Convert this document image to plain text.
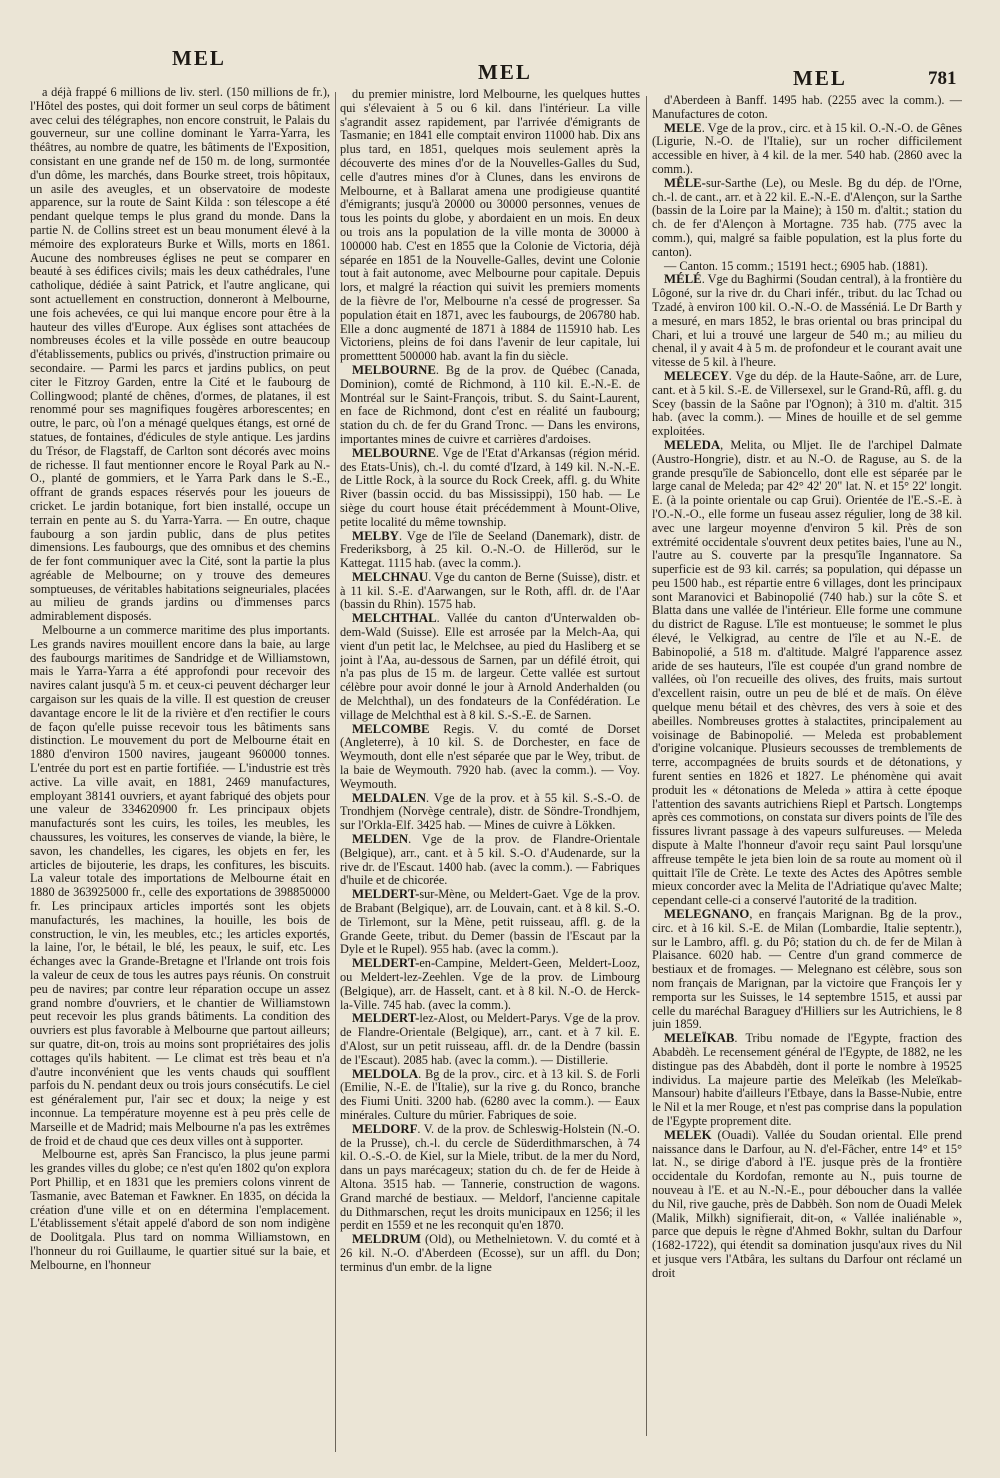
MEL
MEL	MEL	781

a déjà frappé 6 millions de liv. sterl. (150 millions de fr.), l'Hôtel des postes, qui doit former un seul corps de bâtiment avec celui des télégraphes, non encore construit, le Palais du gouverneur, sur une colline dominant le Yarra-Yarra, les théâtres, au nombre de quatre, les bâtiments de l'Exposition, consistant en une grande nef de 150 m. de long, surmontée d'un dôme, les marchés, dans Bourke street, trois hôpitaux, un asile des aveugles, et un observatoire de modeste apparence, sur la route de Saint Kilda : son télescope a été pendant quelque temps le plus grand du monde. Dans la partie N. de Collins street est un beau monument élevé à la mémoire des explorateurs Burke et Wills, morts en 1861. Aucune des nombreuses églises ne peut se comparer en beauté à ses édifices civils; mais les deux cathédrales, l'une catholique, dédiée à saint Patrick, et l'autre anglicane, qui sont actuellement en construction, donneront à Melbourne, une fois achevées, ce qui lui manque encore pour être à la hauteur des villes d'Europe. Aux églises sont attachées de nombreuses écoles et la ville possède en outre beaucoup d'établissements, publics ou privés, d'instruction primaire ou secondaire. — Parmi les parcs et jardins publics, on peut citer le Fitzroy Garden, entre la Cité et le faubourg de Collingwood; planté de chênes, d'ormes, de platanes, il est renommé pour ses magnifiques fougères arborescentes; en outre, le parc, où l'on a ménagé quelques étangs, est orné de statues, de fontaines, d'édicules de style antique. Les jardins du Trésor, de Flagstaff, de Carlton sont décorés avec moins de richesse. Il faut mentionner encore le Royal Park au N.-O., planté de gommiers, et le Yarra Park dans le S.-E., offrant de grands espaces réservés pour les joueurs de cricket. Le jardin botanique, fort bien installé, occupe un terrain en pente au S. du Yarra-Yarra. — En outre, chaque faubourg a son jardin public, dans de plus petites dimensions. Les faubourgs, que des omnibus et des chemins de fer font communiquer avec la Cité, sont la partie la plus agréable de Melbourne; on y trouve des demeures somptueuses, de véritables habitations seigneuriales, placées au milieu de grands jardins ou d'immenses parcs admirablement disposés.

Melbourne a un commerce maritime des plus importants. Les grands navires mouillent encore dans la baie, au large des faubourgs maritimes de Sandridge et de Williamstown, mais le Yarra-Yarra a été approfondi pour recevoir des navires calant jusqu'à 5 m. et ceux-ci peuvent décharger leur cargaison sur les quais de la ville. Il est question de creuser davantage encore le lit de la rivière et d'en rectifier le cours de façon qu'elle puisse recevoir tous les bâtiments sans distinction. Le mouvement du port de Melbourne était en 1880 d'environ 1500 navires, jaugeant 960000 tonnes. L'entrée du port est en partie fortifiée. — L'industrie est très active. La ville avait, en 1881, 2469 manufactures, employant 38141 ouvriers, et ayant fabriqué des objets pour une valeur de 334620900 fr. Les principaux objets manufacturés sont les cuirs, les toiles, les meubles, les chaussures, les voitures, les conserves de viande, la bière, le savon, les chandelles, les cigares, les objets en fer, les articles de bijouterie, les draps, les confitures, les biscuits. La valeur totale des importations de Melbourne était en 1880 de 363925000 fr., celle des exportations de 398850000 fr. Les principaux articles importés sont les objets manufacturés, les machines, la houille, les bois de construction, le vin, les meubles, etc.; les articles exportés, la laine, l'or, le bétail, le blé, les peaux, le suif, etc. Les échanges avec la Grande-Bretagne et l'Irlande ont trois fois la valeur de ceux de tous les autres pays réunis. On construit peu de navires; par contre leur réparation occupe un assez grand nombre d'ouvriers, et le chantier de Williamstown peut recevoir les plus grands bâtiments. La condition des ouvriers est plus favorable à Melbourne que partout ailleurs; sur quatre, dit-on, trois au moins sont propriétaires des jolis cottages qu'ils habitent. — Le climat est très beau et n'a d'autre inconvénient que les vents chauds qui soufflent parfois du N. pendant deux ou trois jours consécutifs. Le ciel est généralement pur, l'air sec et doux; la neige y est inconnue. La température moyenne est à peu près celle de Marseille et de Madrid; mais Melbourne n'a pas les extrêmes de froid et de chaud que ces deux villes ont à supporter.

Melbourne est, après San Francisco, la plus jeune parmi les grandes villes du globe; ce n'est qu'en 1802 qu'on explora Port Phillip, et en 1831 que les premiers colons vinrent de Tasmanie, avec Bateman et Fawkner. En 1835, on décida la création d'une ville et on en détermina l'emplacement. L'établissement s'était appelé d'abord de son nom indigène de Doolitgala. Plus tard on nomma Williamstown, en l'honneur du roi Guillaume, le quartier situé sur la baie, et Melbourne, en l'honneur

du premier ministre, lord Melbourne, les quelques huttes qui s'élevaient à 5 ou 6 kil. dans l'intérieur. La ville s'agrandit assez rapidement, par l'arrivée d'émigrants de Tasmanie; en 1841 elle comptait environ 11000 hab. Dix ans plus tard, en 1851, quelques mois seulement après la découverte des mines d'or de la Nouvelles-Galles du Sud, celle d'autres mines d'or à Clunes, dans les environs de Melbourne, et à Ballarat amena une prodigieuse quantité d'émigrants; jusqu'à 20000 ou 30000 personnes, venues de tous les points du globe, y abordaient en un mois. En deux ou trois ans la population de la ville monta de 30000 à 100000 hab. C'est en 1855 que la Colonie de Victoria, déjà séparée en 1851 de la Nouvelle-Galles, devint une Colonie tout à fait autonome, avec Melbourne pour capitale. Depuis lors, et malgré la réaction qui suivit les premiers moments de la fièvre de l'or, Melbourne n'a cessé de progresser. Sa population était en 1871, avec les faubourgs, de 206780 hab. Elle a donc augmenté de 1871 à 1884 de 115910 hab. Les Victoriens, pleins de foi dans l'avenir de leur capitale, lui prometttent 500000 hab. avant la fin du siècle.

MELBOURNE. Bg de la prov. de Québec (Canada, Dominion), comté de Richmond, à 110 kil. E.-N.-E. de Montréal sur le Saint-François, tribut. S. du Saint-Laurent, en face de Richmond, dont c'est en réalité un faubourg; station du ch. de fer du Grand Tronc. — Dans les environs, importantes mines de cuivre et carrières d'ardoises.

MELBOURNE. Vge de l'Etat d'Arkansas (région mérid. des Etats-Unis), ch.-l. du comté d'Izard, à 149 kil. N.-N.-E. de Little Rock, à la source du Rock Creek, affl. g. du White River (bassin occid. du bas Mississippi), 150 hab. — Le siège du court house était précédemment à Mount-Olive, petite localité du même township.

MELBY. Vge de l'île de Seeland (Danemark), distr. de Frederiksborg, à 25 kil. O.-N.-O. de Hilleröd, sur le Kattegat. 1115 hab. (avec la comm.).

MELCHNAU. Vge du canton de Berne (Suisse), distr. et à 11 kil. S.-E. d'Aarwangen, sur le Roth, affl. dr. de l'Aar (bassin du Rhin). 1575 hab.

MELCHTHAL. Vallée du canton d'Unterwalden ob-dem-Wald (Suisse). Elle est arrosée par la Melch-Aa, qui vient d'un petit lac, le Melchsee, au pied du Hasliberg et se joint à l'Aa, au-dessous de Sarnen, par un défilé étroit, qui n'a pas plus de 15 m. de largeur. Cette vallée est surtout célèbre pour avoir donné le jour à Arnold Anderhalden (ou de Melchthal), un des fondateurs de la Confédération. Le village de Melchthal est à 8 kil. S.-S.-E. de Sarnen.

MELCOMBE Regis. V. du comté de Dorset (Angleterre), à 10 kil. S. de Dorchester, en face de Weymouth, dont elle n'est séparée que par le Wey, tribut. de la baie de Weymouth. 7920 hab. (avec la comm.). — Voy. Weymouth.

MELDALEN. Vge de la prov. et à 55 kil. S.-S.-O. de Trondhjem (Norvège centrale), distr. de Söndre-Trondhjem, sur l'Orkla-Elf. 3425 hab. — Mines de cuivre à Lökken.

MELDEN. Vge de la prov. de Flandre-Orientale (Belgique), arr., cant. et à 5 kil. S.-O. d'Audenarde, sur la rive dr. de l'Escaut. 1400 hab. (avec la comm.). — Fabriques d'huile et de chicorée.

MELDERT-sur-Mène, ou Meldert-Gaet. Vge de la prov. de Brabant (Belgique), arr. de Louvain, cant. et à 8 kil. S.-O. de Tirlemont, sur la Mène, petit ruisseau, affl. g. de la Grande Geete, tribut. du Demer (bassin de l'Escaut par la Dyle et le Rupel). 955 hab. (avec la comm.).

MELDERT-en-Campine, Meldert-Geen, Meldert-Looz, ou Meldert-lez-Zeehlen. Vge de la prov. de Limbourg (Belgique), arr. de Hasselt, cant. et à 8 kil. N.-O. de Herck-la-Ville. 745 hab. (avec la comm.).

MELDERT-lez-Alost, ou Meldert-Parys. Vge de la prov. de Flandre-Orientale (Belgique), arr., cant. et à 7 kil. E. d'Alost, sur un petit ruisseau, affl. dr. de la Dendre (bassin de l'Escaut). 2085 hab. (avec la comm.). — Distillerie.

MELDOLA. Bg de la prov., circ. et à 13 kil. S. de Forli (Emilie, N.-E. de l'Italie), sur la rive g. du Ronco, branche des Fiumi Uniti. 3200 hab. (6280 avec la comm.). — Eaux minérales. Culture du mûrier. Fabriques de soie.

MELDORF. V. de la prov. de Schleswig-Holstein (N.-O. de la Prusse), ch.-l. du cercle de Süderdithmarschen, à 74 kil. O.-S.-O. de Kiel, sur la Miele, tribut. de la mer du Nord, dans un pays marécageux; station du ch. de fer de Heide à Altona. 3515 hab. — Tannerie, construction de wagons. Grand marché de bestiaux. — Meldorf, l'ancienne capitale du Dithmarschen, reçut les droits municipaux en 1256; il les perdit en 1559 et ne les reconquit qu'en 1870.

MELDRUM (Old), ou Methelnietown. V. du comté et à 26 kil. N.-O. d'Aberdeen (Ecosse), sur un affl. du Don; terminus d'un embr. de la ligne

d'Aberdeen à Banff. 1495 hab. (2255 avec la comm.). — Manufactures de coton.

MELE. Vge de la prov., circ. et à 15 kil. O.-N.-O. de Gênes (Ligurie, N.-O. de l'Italie), sur un rocher difficilement accessible en hiver, à 4 kil. de la mer. 540 hab. (2860 avec la comm.).

MÊLE-sur-Sarthe (Le), ou Mesle. Bg du dép. de l'Orne, ch.-l. de cant., arr. et à 22 kil. E.-N.-E. d'Alençon, sur la Sarthe (bassin de la Loire par la Maine); à 150 m. d'altit.; station du ch. de fer d'Alençon à Mortagne. 735 hab. (775 avec la comm.), qui, malgré sa faible population, est la plus forte du canton).

— Canton. 15 comm.; 15191 hect.; 6905 hab. (1881).

MÉLÉ. Vge du Baghirmi (Soudan central), à la frontière du Lôgoné, sur la rive dr. du Chari infér., tribut. du lac Tchad ou Tzadé, à environ 100 kil. O.-N.-O. de Masséniá. Le Dr Barth y a mesuré, en mars 1852, le bras oriental ou bras principal du Chari, et lui a trouvé une largeur de 540 m.; au milieu du chenal, il y avait 4 à 5 m. de profondeur et le courant avait une vitesse de 5 kil. à l'heure.

MELECEY. Vge du dép. de la Haute-Saône, arr. de Lure, cant. et à 5 kil. S.-E. de Villersexel, sur le Grand-Rû, affl. g. du Scey (bassin de la Saône par l'Ognon); à 310 m. d'altit. 315 hab. (avec la comm.). — Mines de houille et de sel gemme exploitées.

MELEDA, Melita, ou Mljet. Ile de l'archipel Dalmate (Austro-Hongrie), distr. et au N.-O. de Raguse, au S. de la grande presqu'île de Sabioncello, dont elle est séparée par le large canal de Meleda; par 42° 42' 20" lat. N. et 15° 22' longit. E. (à la pointe orientale ou cap Grui). Orientée de l'E.-S.-E. à l'O.-N.-O., elle forme un fuseau assez régulier, long de 38 kil. avec une largeur moyenne d'environ 5 kil. Près de son extrémité occidentale s'ouvrent deux petites baies, l'une au N., l'autre au S. couverte par la presqu'île Ingannatore. Sa superficie est de 93 kil. carrés; sa population, qui dépasse un peu 1500 hab., est répartie entre 6 villages, dont les principaux sont Maranovici et Babinopolié (740 hab.) sur la côte S. et Blatta dans une vallée de l'intérieur. Elle forme une commune du district de Raguse. L'île est montueuse; le sommet le plus élevé, le Velkigrad, au centre de l'île et au N.-E. de Babinopolié, a 518 m. d'altitude. Malgré l'apparence assez aride de ses hauteurs, l'île est coupée d'un grand nombre de vallées, où l'on recueille des olives, des fruits, mais surtout d'excellent raisin, outre un peu de blé et de maïs. On élève quelque menu bétail et des chèvres, des vers à soie et des abeilles. Nombreuses grottes à stalactites, principalement au voisinage de Babinopolié. — Meleda est probablement d'origine volcanique. Plusieurs secousses de tremblements de terre, accompagnées de bruits sourds et de détonations, y furent senties en 1826 et 1827. Le phénomène qui avait produit les « détonations de Meleda » attira à cette époque l'attention des savants autrichiens Riepl et Partsch. Longtemps après ces commotions, on constata sur divers points de l'île des fissures livrant passage à des vapeurs sulfureuses. — Meleda dispute à Malte l'honneur d'avoir reçu saint Paul lorsqu'une affreuse tempête le jeta bien loin de sa route au moment où il quittait l'île de Crète. Le texte des Actes des Apôtres semble mieux concorder avec la Melita de l'Adriatique qu'avec Malte; cependant celle-ci a conservé l'autorité de la tradition.

MELEGNANO, en français Marignan. Bg de la prov., circ. et à 16 kil. S.-E. de Milan (Lombardie, Italie septentr.), sur le Lambro, affl. g. du Pô; station du ch. de fer de Milan à Plaisance. 6020 hab. — Centre d'un grand commerce de bestiaux et de fromages. — Melegnano est célèbre, sous son nom français de Marignan, par la victoire que François Ier y remporta sur les Suisses, le 14 septembre 1515, et aussi par celle du maréchal Baraguey d'Hilliers sur les Autrichiens, le 8 juin 1859.

MELEÏKAB. Tribu nomade de l'Egypte, fraction des Ababdèh. Le recensement général de l'Egypte, de 1882, ne les distingue pas des Ababdèh, dont il porte le nombre à 19525 individus. La majeure partie des Meleïkab (les Meleïkab-Mansour) habite d'ailleurs l'Etbaye, dans la Basse-Nubie, entre le Nil et la mer Rouge, et n'est pas comprise dans la population de l'Egypte proprement dite.

MELEK (Ouadi). Vallée du Soudan oriental. Elle prend naissance dans le Darfour, au N. d'el-Fâcher, entre 14° et 15° lat. N., se dirige d'abord à l'E. jusque près de la frontière occidentale du Kordofan, remonte au N., puis tourne de nouveau à l'E. et au N.-N.-E., pour déboucher dans la vallée du Nil, rive gauche, près de Dabbèh. Son nom de Ouadi Melek (Malik, Milkh) signifierait, dit-on, « Vallée inaliénable », parce que depuis le règne d'Ahmed Bokhr, sultan du Darfour (1682-1722), qui étendit sa domination jusqu'aux rives du Nil et jusque vers l'Atbâra, les sultans du Darfour ont réclamé un droit
